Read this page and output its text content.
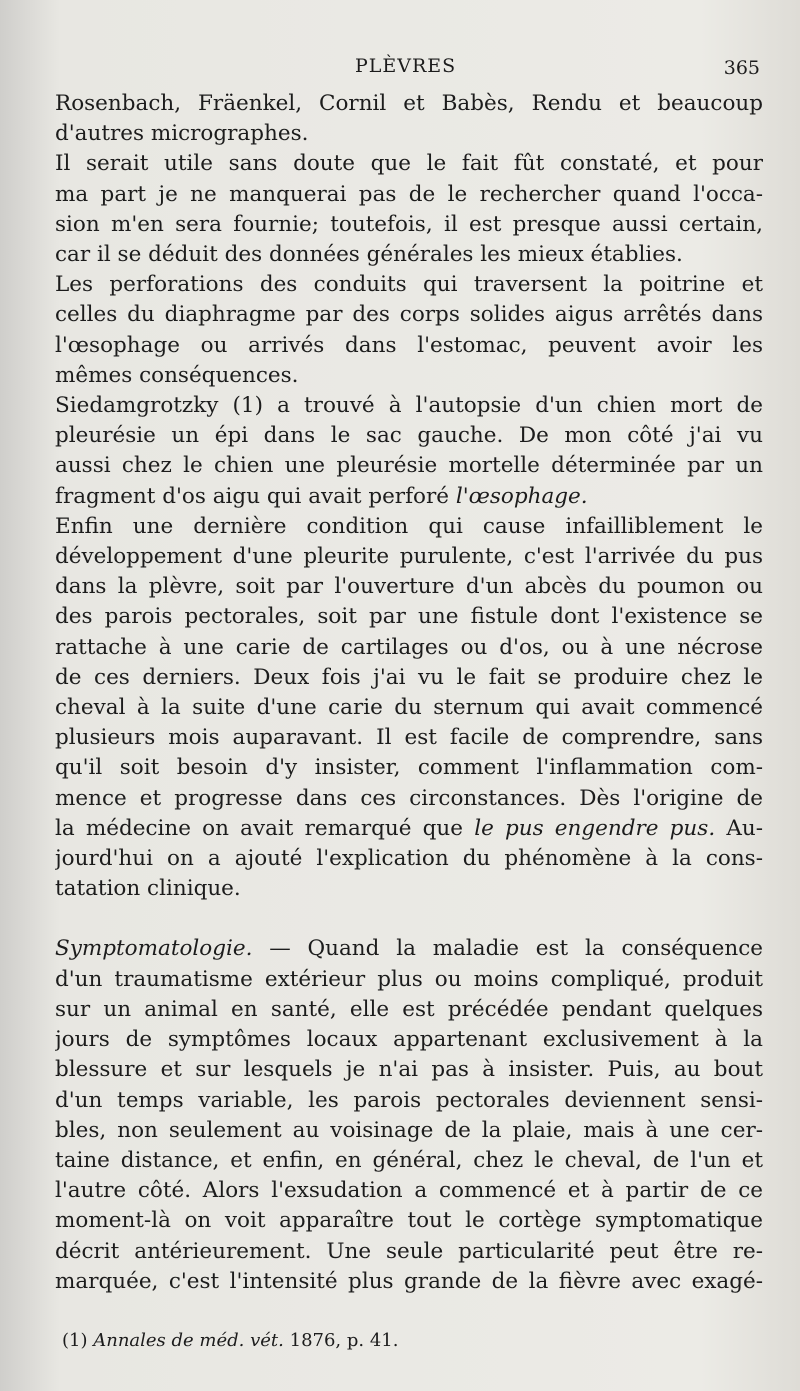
PLÈVRES	365
Rosenbach, Fräenkel, Cornil et Babès, Rendu et beaucoup
d'autres micrographes.
Il serait utile sans doute que le fait fût constaté, et pour
ma part je ne manquerai pas de le rechercher quand l'occa-
sion m'en sera fournie; toutefois, il est presque aussi certain,
car il se déduit des données générales les mieux établies.
Les perforations des conduits qui traversent la poitrine et
celles du diaphragme par des corps solides aigus arrêtés dans
l'œsophage ou arrivés dans l'estomac, peuvent avoir les
mêmes conséquences.
Siedamgrotzky (1) a trouvé à l'autopsie d'un chien mort de
pleurésie un épi dans le sac gauche. De mon côté j'ai vu
aussi chez le chien une pleurésie mortelle déterminée par un
fragment d'os aigu qui avait perforé l'œsophage.
Enfin une dernière condition qui cause infailliblement le
développement d'une pleurite purulente, c'est l'arrivée du pus
dans la plèvre, soit par l'ouverture d'un abcès du poumon ou
des parois pectorales, soit par une fistule dont l'existence se
rattache à une carie de cartilages ou d'os, ou à une nécrose
de ces derniers. Deux fois j'ai vu le fait se produire chez le
cheval à la suite d'une carie du sternum qui avait commencé
plusieurs mois auparavant. Il est facile de comprendre, sans
qu'il soit besoin d'y insister, comment l'inflammation com-
mence et progresse dans ces circonstances. Dès l'origine de
la médecine on avait remarqué que le pus engendre pus. Au-
jourd'hui on a ajouté l'explication du phénomène à la cons-
tatation clinique.
Symptomatologie. — Quand la maladie est la conséquence
d'un traumatisme extérieur plus ou moins compliqué, produit
sur un animal en santé, elle est précédée pendant quelques
jours de symptômes locaux appartenant exclusivement à la
blessure et sur lesquels je n'ai pas à insister. Puis, au bout
d'un temps variable, les parois pectorales deviennent sensi-
bles, non seulement au voisinage de la plaie, mais à une cer-
taine distance, et enfin, en général, chez le cheval, de l'un et
l'autre côté. Alors l'exsudation a commencé et à partir de ce
moment-là on voit apparaître tout le cortège symptomatique
décrit antérieurement. Une seule particularité peut être re-
marquée, c'est l'intensité plus grande de la fièvre avec exagé-
(1) Annales de méd. vét. 1876, p. 41.
